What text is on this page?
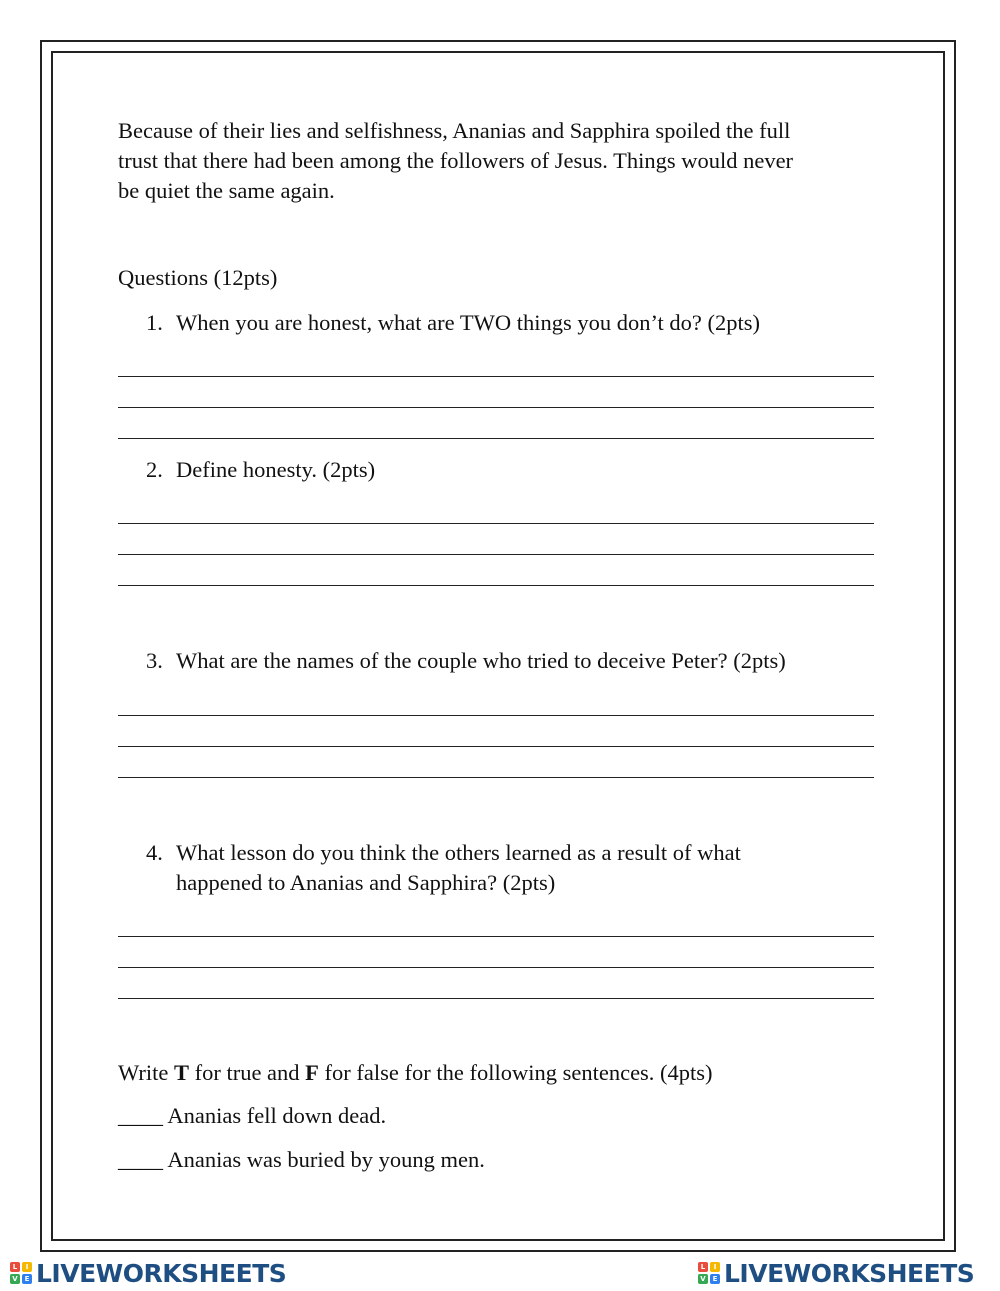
Because of their lies and selfishness, Ananias and Sapphira spoiled the full
trust that there had been among the followers of Jesus. Things would never
be quiet the same again.
Questions (12pts)
1. When you are honest, what are TWO things you don’t do? (2pts)
2. Define honesty. (2pts)
3. What are the names of the couple who tried to deceive Peter? (2pts)
4. What lesson do you think the others learned as a result of what
happened to Ananias and Sapphira? (2pts)
Write T for true and F for false for the following sentences. (4pts)
____ Ananias fell down dead.
____ Ananias was buried by young men.
L	I
V E LIVEWORKSHEETS	L	I
V E LIVEWORKSHEETS
